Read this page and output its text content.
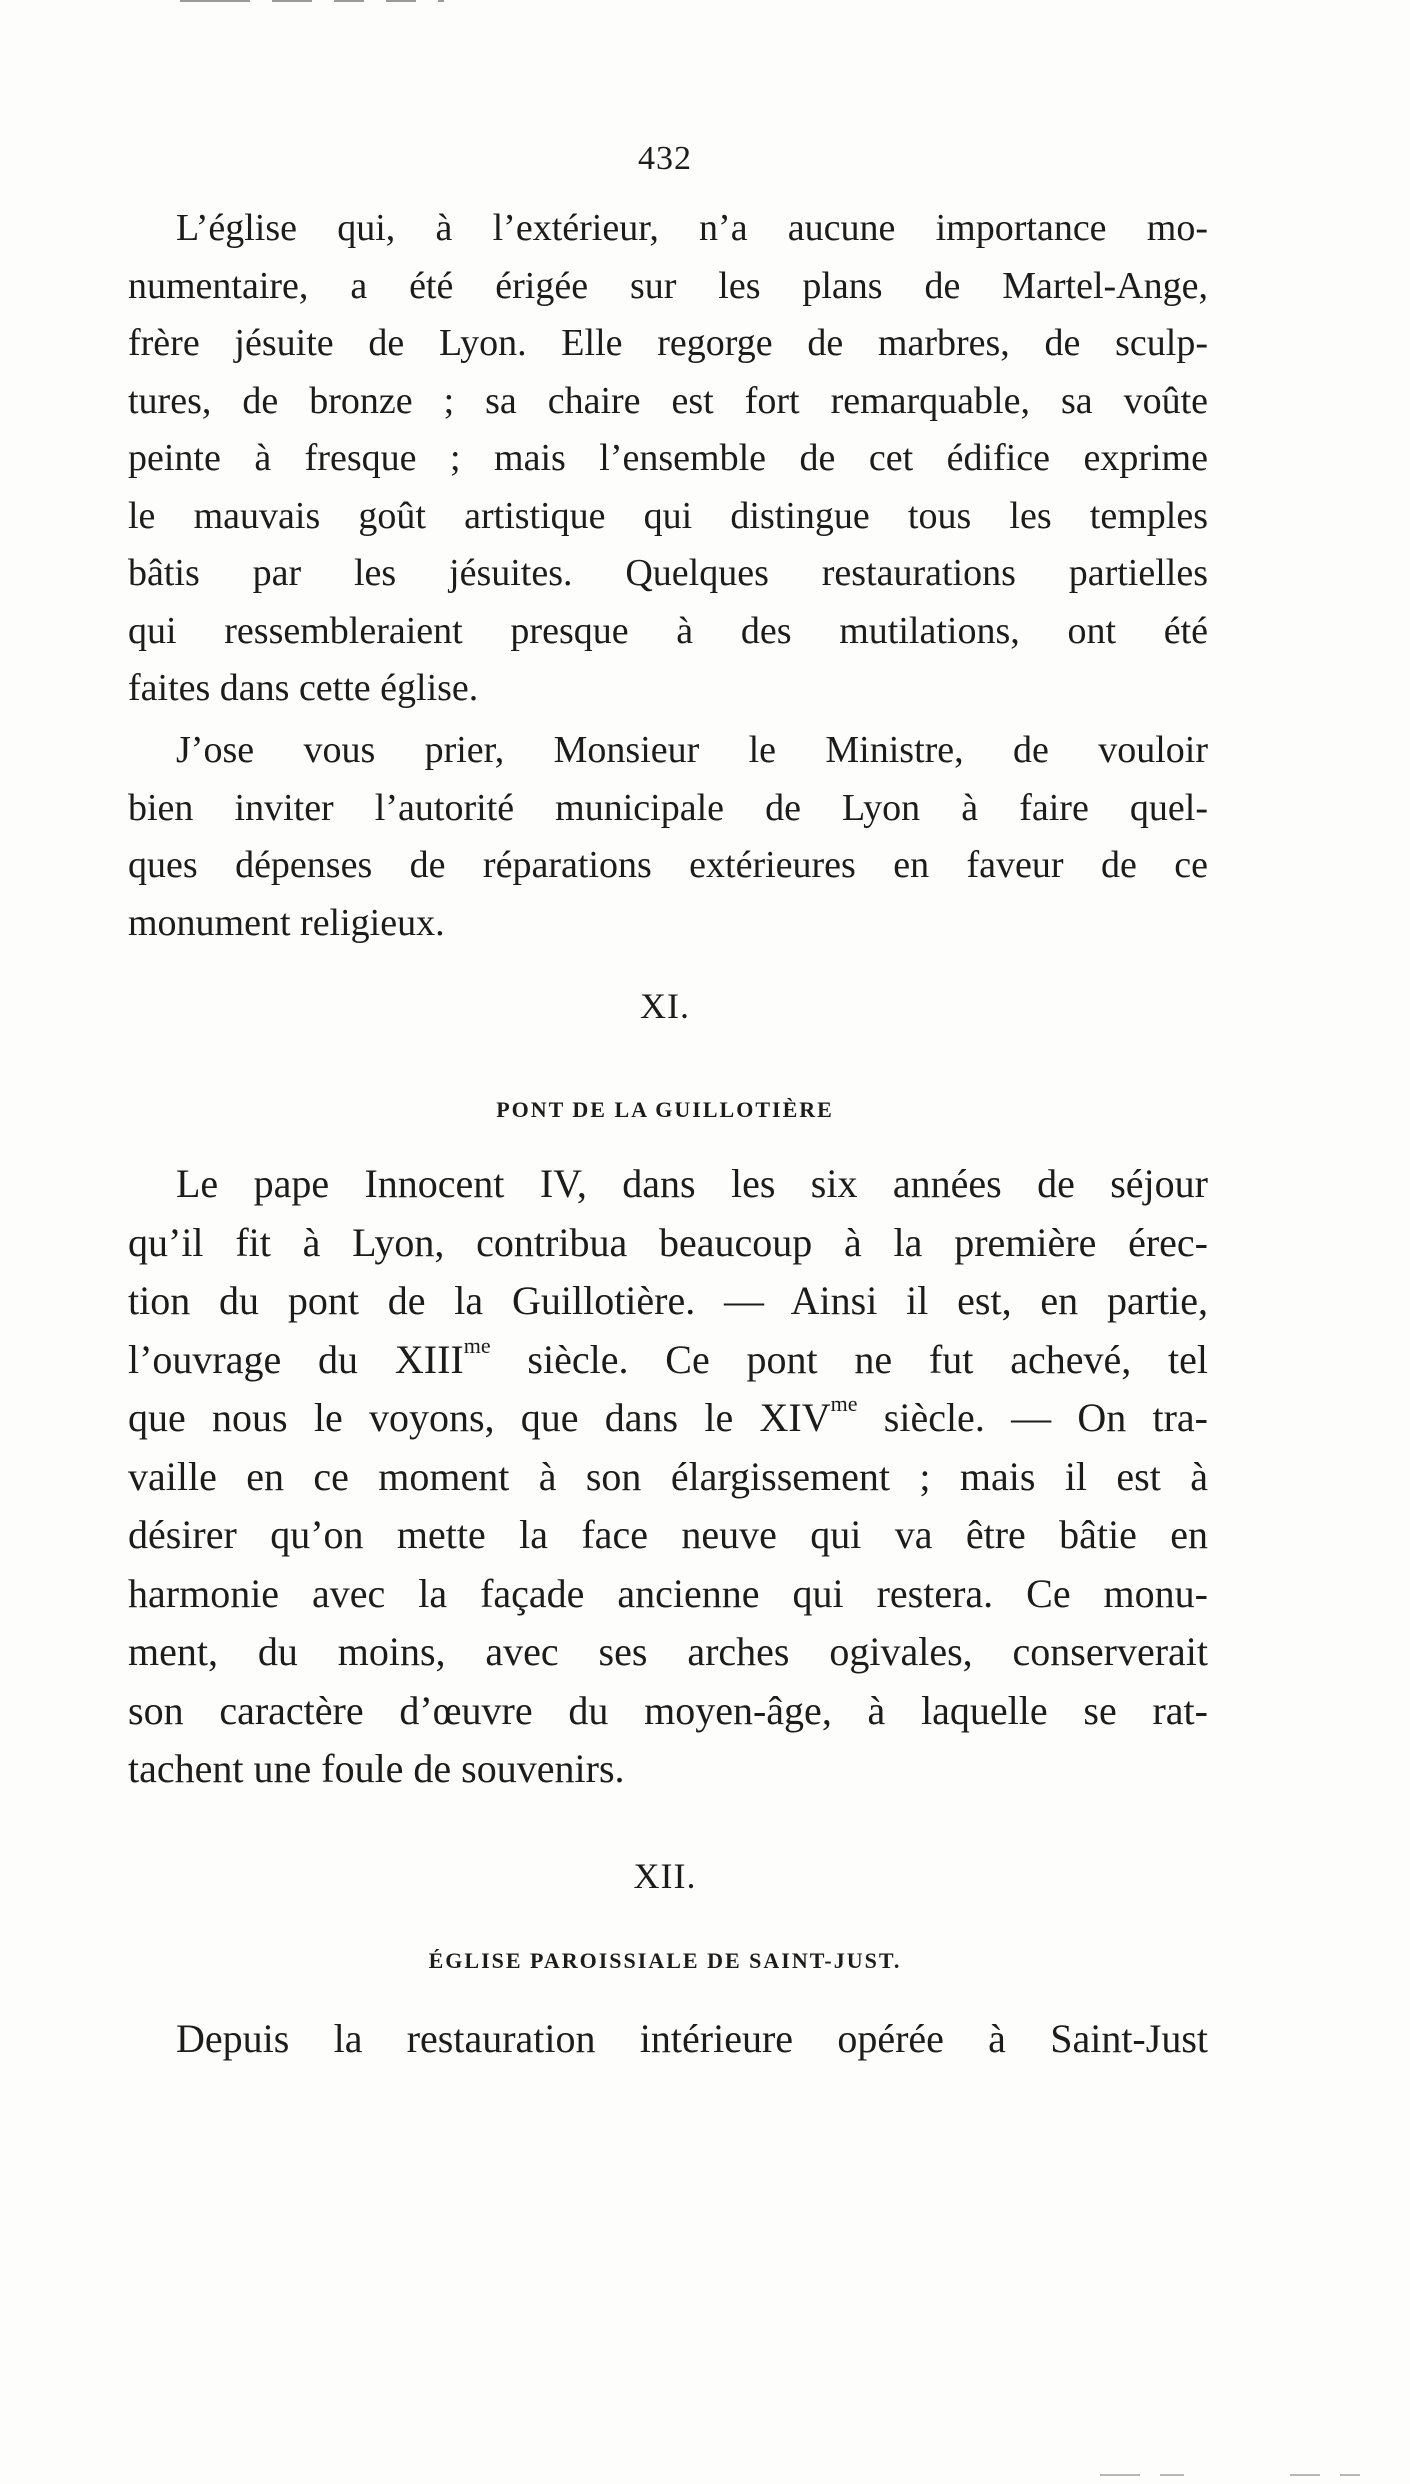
432
L’église qui, à l’extérieur, n’a aucune importance mo-
numentaire, a été érigée sur les plans de Martel-Ange,
frère jésuite de Lyon. Elle regorge de marbres, de sculp-
tures, de bronze ; sa chaire est fort remarquable, sa voûte
peinte à fresque ; mais l’ensemble de cet édifice exprime
le mauvais goût artistique qui distingue tous les temples
bâtis par les jésuites. Quelques restaurations partielles
qui ressembleraient presque à des mutilations, ont été
faites dans cette église.
J’ose vous prier, Monsieur le Ministre, de vouloir
bien inviter l’autorité municipale de Lyon à faire quel-
ques dépenses de réparations extérieures en faveur de ce
monument religieux.
XI.
PONT DE LA GUILLOTIÈRE
Le pape Innocent IV, dans les six années de séjour
qu’il fit à Lyon, contribua beaucoup à la première érec-
tion du pont de la Guillotière. — Ainsi il est, en partie,
l’ouvrage du $XIII^{me}$ siècle. Ce pont ne fut achevé, tel
que nous le voyons, que dans le $XIV^{me}$ siècle. — On tra-
vaille en ce moment à son élargissement ; mais il est à
désirer qu’on mette la face neuve qui va être bâtie en
harmonie avec la façade ancienne qui restera. Ce monu-
ment, du moins, avec ses arches ogivales, conserverait
son caractère d’œuvre du moyen-âge, à laquelle se rat-
tachent une foule de souvenirs.
XII.
ÉGLISE PAROISSIALE DE SAINT-JUST.
Depuis la restauration intérieure opérée à Saint-Just
